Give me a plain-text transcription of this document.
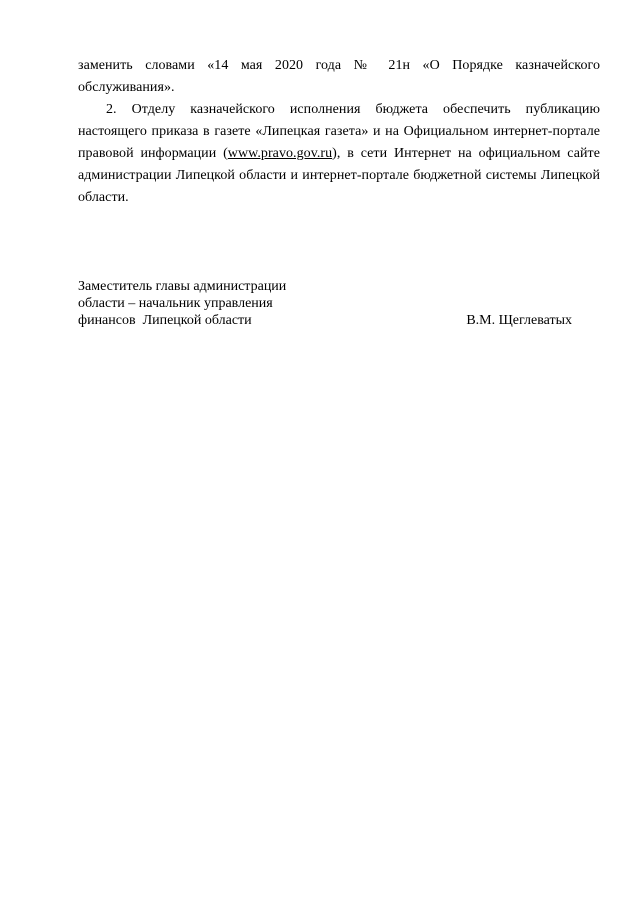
заменить словами «14 мая 2020 года № 21н «О Порядке казначейского обслуживания».

2. Отделу казначейского исполнения бюджета обеспечить публикацию настоящего приказа в газете «Липецкая газета» и на Официальном интернет-портале правовой информации (www.pravo.gov.ru), в сети Интернет на официальном сайте администрации Липецкой области и интернет-портале бюджетной системы Липецкой области.

Заместитель главы администрации
области – начальник управления
финансов  Липецкой области	В.М. Щеглеватых
